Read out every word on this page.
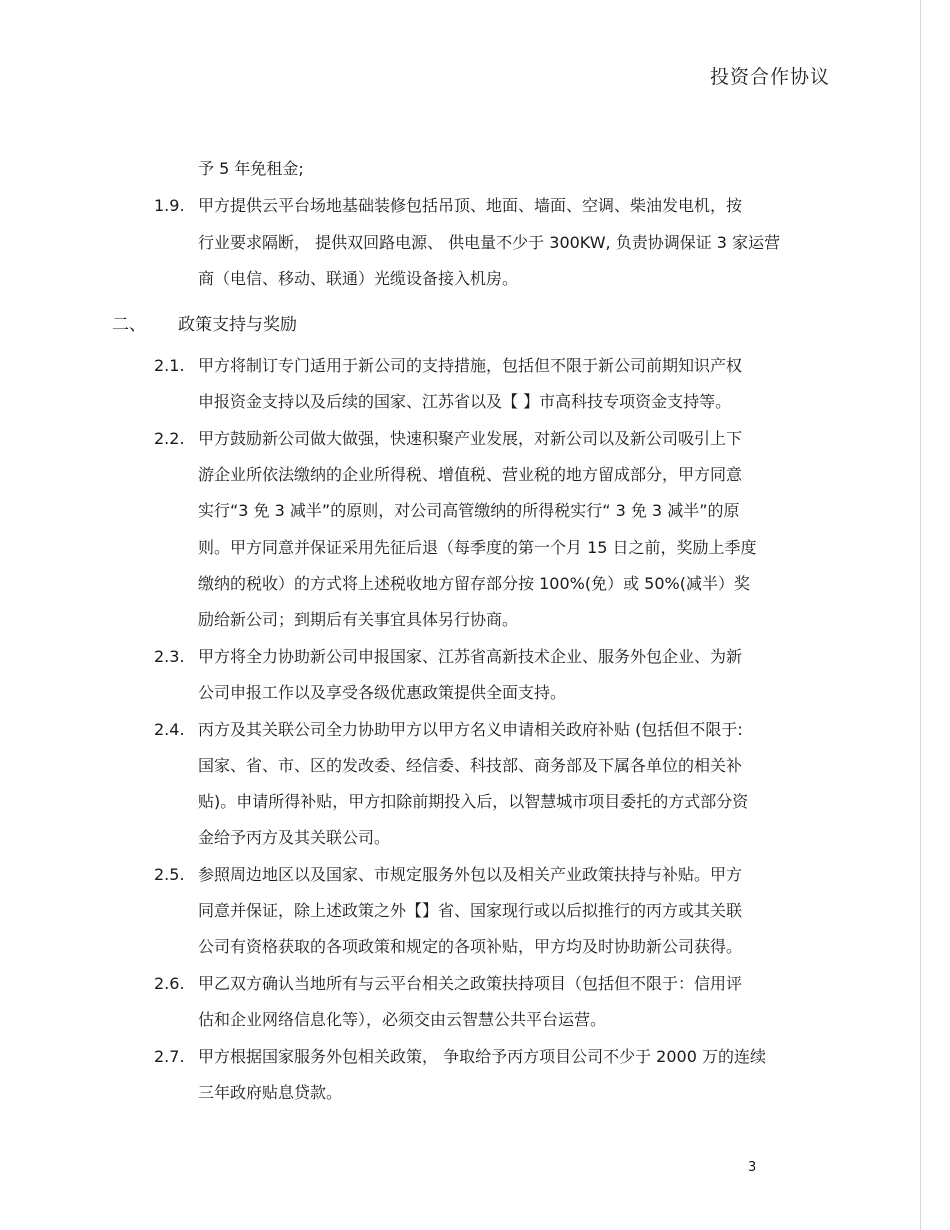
投资合作协议
予 5 年免租金;
1.9. 甲方提供云平台场地基础装修包括吊顶、地面、墙面、空调、柴油发电机，按
行业要求隔断， 提供双回路电源、 供电量不少于 300KW, 负责协调保证 3 家运营
商（电信、移动、联通）光缆设备接入机房。
二、 政策支持与奖励
2.1. 甲方将制订专门适用于新公司的支持措施，包括但不限于新公司前期知识产权
申报资金支持以及后续的国家、江苏省以及【 】市高科技专项资金支持等。
2.2. 甲方鼓励新公司做大做强，快速积聚产业发展，对新公司以及新公司吸引上下
游企业所依法缴纳的企业所得税、增值税、营业税的地方留成部分，甲方同意
实行“3 免 3 减半”的原则，对公司高管缴纳的所得税实行“ 3 免 3 减半”的原
则。甲方同意并保证采用先征后退（每季度的第一个月 15 日之前，奖励上季度
缴纳的税收）的方式将上述税收地方留存部分按 100%(免）或 50%(减半）奖
励给新公司；到期后有关事宜具体另行协商。
2.3. 甲方将全力协助新公司申报国家、江苏省高新技术企业、服务外包企业、为新
公司申报工作以及享受各级优惠政策提供全面支持。
2.4. 丙方及其关联公司全力协助甲方以甲方名义申请相关政府补贴 (包括但不限于:
国家、省、市、区的发改委、经信委、科技部、商务部及下属各单位的相关补
贴)。申请所得补贴，甲方扣除前期投入后，以智慧城市项目委托的方式部分资
金给予丙方及其关联公司。
2.5. 参照周边地区以及国家、市规定服务外包以及相关产业政策扶持与补贴。甲方
同意并保证，除上述政策之外【】省、国家现行或以后拟推行的丙方或其关联
公司有资格获取的各项政策和规定的各项补贴，甲方均及时协助新公司获得。
2.6. 甲乙双方确认当地所有与云平台相关之政策扶持项目（包括但不限于：信用评
估和企业网络信息化等），必须交由云智慧公共平台运营。
2.7. 甲方根据国家服务外包相关政策， 争取给予丙方项目公司不少于 2000 万的连续
三年政府贴息贷款。
3
